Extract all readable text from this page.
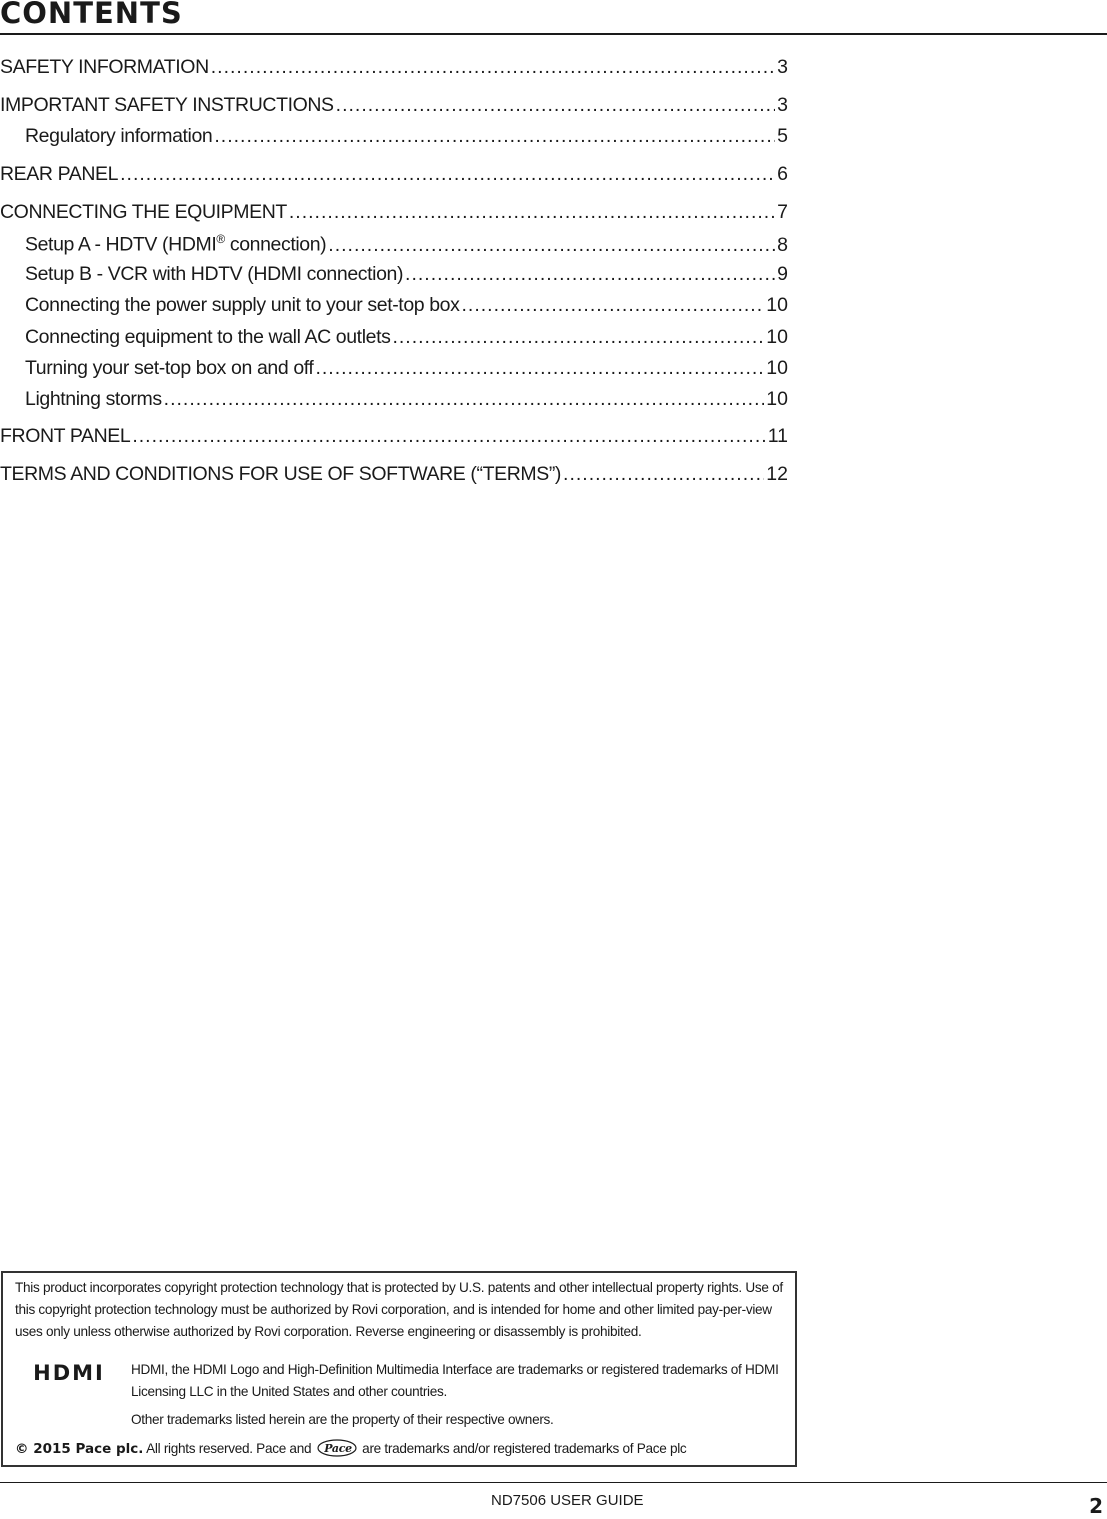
CONTENTS
SAFETY INFORMATION .....	3
IMPORTANT SAFETY INSTRUCTIONS .....	3
Regulatory information .....	5
REAR PANEL .....	6
CONNECTING THE EQUIPMENT .....	7
Setup A - HDTV (HDMI® connection) .....	8
Setup B - VCR with HDTV (HDMI connection) .....	9
Connecting the power supply unit to your set-top box .....	10
Connecting equipment to the wall AC outlets .....	10
Turning your set-top box on and off .....	10
Lightning storms .....	10
FRONT PANEL .....	11
TERMS AND CONDITIONS FOR USE OF SOFTWARE (“TERMS”) .....	12
This product incorporates copyright protection technology that is protected by U.S. patents and other intellectual property rights. Use of this copyright protection technology must be authorized by Rovi corporation, and is intended for home and other limited pay-per-view uses only unless otherwise authorized by Rovi corporation. Reverse engineering or disassembly is prohibited.
HDMI HDMI, the HDMI Logo and High-Definition Multimedia Interface are trademarks or registered trademarks of HDMI Licensing LLC in the United States and other countries.
Other trademarks listed herein are the property of their respective owners.
© 2015 Pace plc. All rights reserved. Pace and Pace are trademarks and/or registered trademarks of Pace plc
ND7506 USER GUIDE	2
